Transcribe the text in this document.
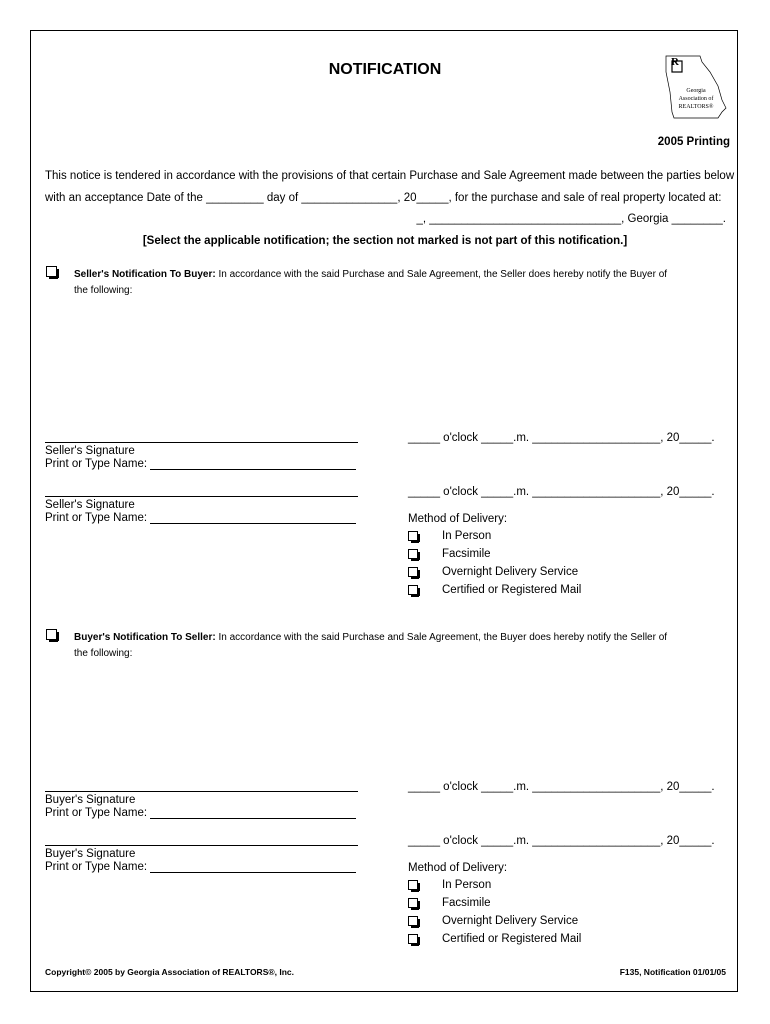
NOTIFICATION	R
Georgia
Association of
REALTORS®
2005 Printing
This notice is tendered in accordance with the provisions of that certain Purchase and Sale Agreement made between the parties below
with an acceptance Date of the _________ day of _______________, 20_____, for the purchase and sale of real property located at:
_, ______________________________, Georgia ________.
[Select the applicable notification; the section not marked is not part of this notification.]
Seller's Notification To Buyer: In accordance with the said Purchase and Sale Agreement, the Seller does hereby notify the Buyer of
the following:
Seller's Signature
Print or Type Name:
_____ o'clock _____.m. ____________________, 20_____.
Seller's Signature
Print or Type Name:
_____ o'clock _____.m. ____________________, 20_____.
Method of Delivery:
In Person
Facsimile
Overnight Delivery Service
Certified or Registered Mail
Buyer's Notification To Seller: In accordance with the said Purchase and Sale Agreement, the Buyer does hereby notify the Seller of
the following:
Buyer's Signature
Print or Type Name:
_____ o'clock _____.m. ____________________, 20_____.
Buyer's Signature
Print or Type Name:
_____ o'clock _____.m. ____________________, 20_____.
Method of Delivery:
In Person
Facsimile
Overnight Delivery Service
Certified or Registered Mail
Copyright© 2005 by Georgia Association of REALTORS®, Inc.	F135, Notification 01/01/05
